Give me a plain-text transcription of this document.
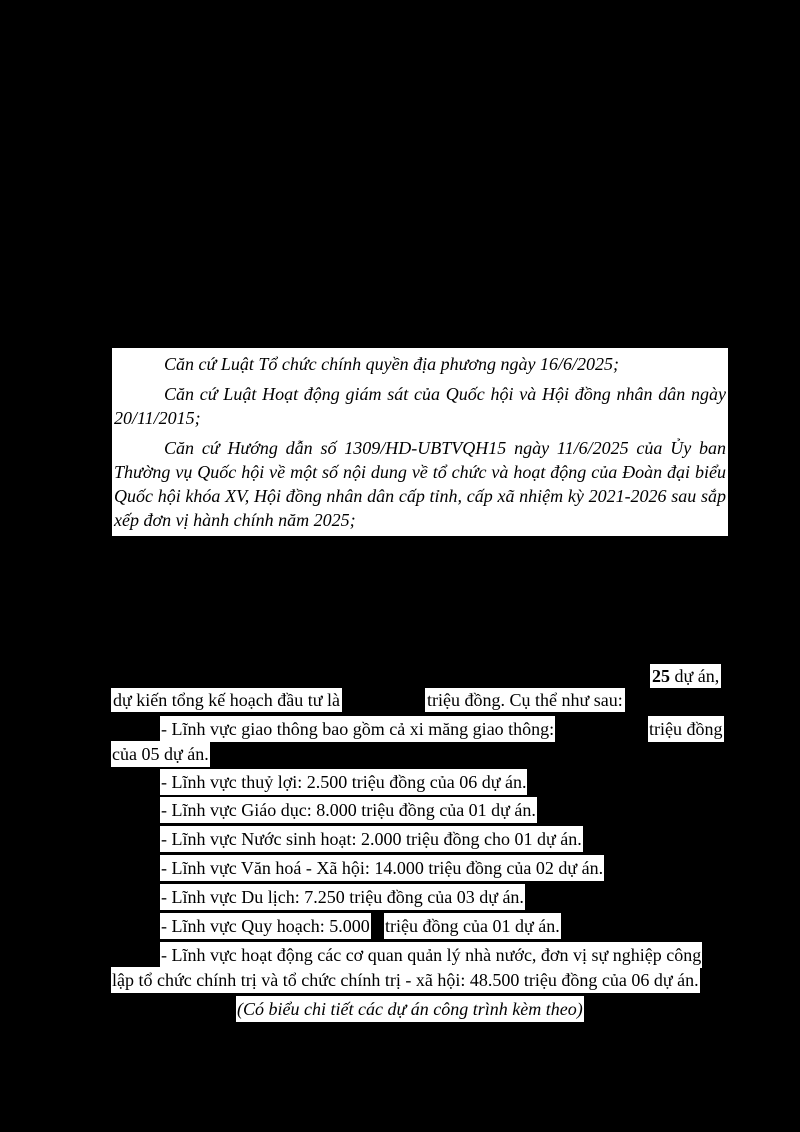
Căn cứ Luật Tổ chức chính quyền địa phương ngày 16/6/2025;

Căn cứ Luật Hoạt động giám sát của Quốc hội và Hội đồng nhân dân ngày 20/11/2015;

Căn cứ Hướng dẫn số 1309/HD-UBTVQH15 ngày 11/6/2025 của Ủy ban Thường vụ Quốc hội về một số nội dung về tổ chức và hoạt động của Đoàn đại biểu Quốc hội khóa XV, Hội đồng nhân dân cấp tỉnh, cấp xã nhiệm kỳ 2021-2026 sau sắp xếp đơn vị hành chính năm 2025;

25 dự án,
dự kiến tổng kế hoạch đầu tư là	triệu đồng. Cụ thể như sau:
- Lĩnh vực giao thông bao gồm cả xi măng giao thông:	triệu đồng
của 05 dự án.
- Lĩnh vực thuỷ lợi: 2.500 triệu đồng của 06 dự án.
- Lĩnh vực Giáo dục: 8.000 triệu đồng của 01 dự án.
- Lĩnh vực Nước sinh hoạt: 2.000 triệu đồng cho 01 dự án.
- Lĩnh vực Văn hoá - Xã hội: 14.000 triệu đồng của 02 dự án.
- Lĩnh vực Du lịch: 7.250 triệu đồng của 03 dự án.
- Lĩnh vực Quy hoạch: 5.000 triệu đồng của 01 dự án.
- Lĩnh vực hoạt động các cơ quan quản lý nhà nước, đơn vị sự nghiệp công
lập tổ chức chính trị và tổ chức chính trị - xã hội: 48.500 triệu đồng của 06 dự án.
(Có biểu chi tiết các dự án công trình kèm theo)
